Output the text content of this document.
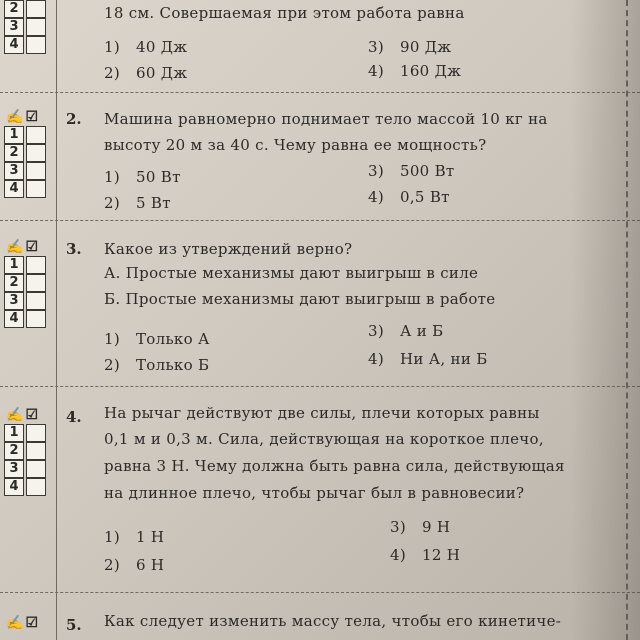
2
3
4
18 см. Совершаемая при этом работа равна
1) 40 Дж
2) 60 Дж
3) 90 Дж
4) 160 Дж
✍ ☑
1
2
3
4
2. Машина равномерно поднимает тело массой 10 кг на
высоту 20 м за 40 с. Чему равна ее мощность?
1) 50 Вт
2) 5 Вт
3) 500 Вт
4) 0,5 Вт
✍ ☑
1
2
3
4
3. Какое из утверждений верно?
А. Простые механизмы дают выигрыш в силе
Б. Простые механизмы дают выигрыш в работе
1) Только А
2) Только Б
3) А и Б
4) Ни А, ни Б
✍ ☑
1
2
3
4
4. На рычаг действуют две силы, плечи которых равны
0,1 м и 0,3 м. Сила, действующая на короткое плечо,
равна 3 Н. Чему должна быть равна сила, действующая
на длинное плечо, чтобы рычаг был в равновесии?
1) 1 Н
2) 6 Н
3) 9 Н
4) 12 Н
✍ ☑ 5. Как следует изменить массу тела, чтобы его кинетиче-
